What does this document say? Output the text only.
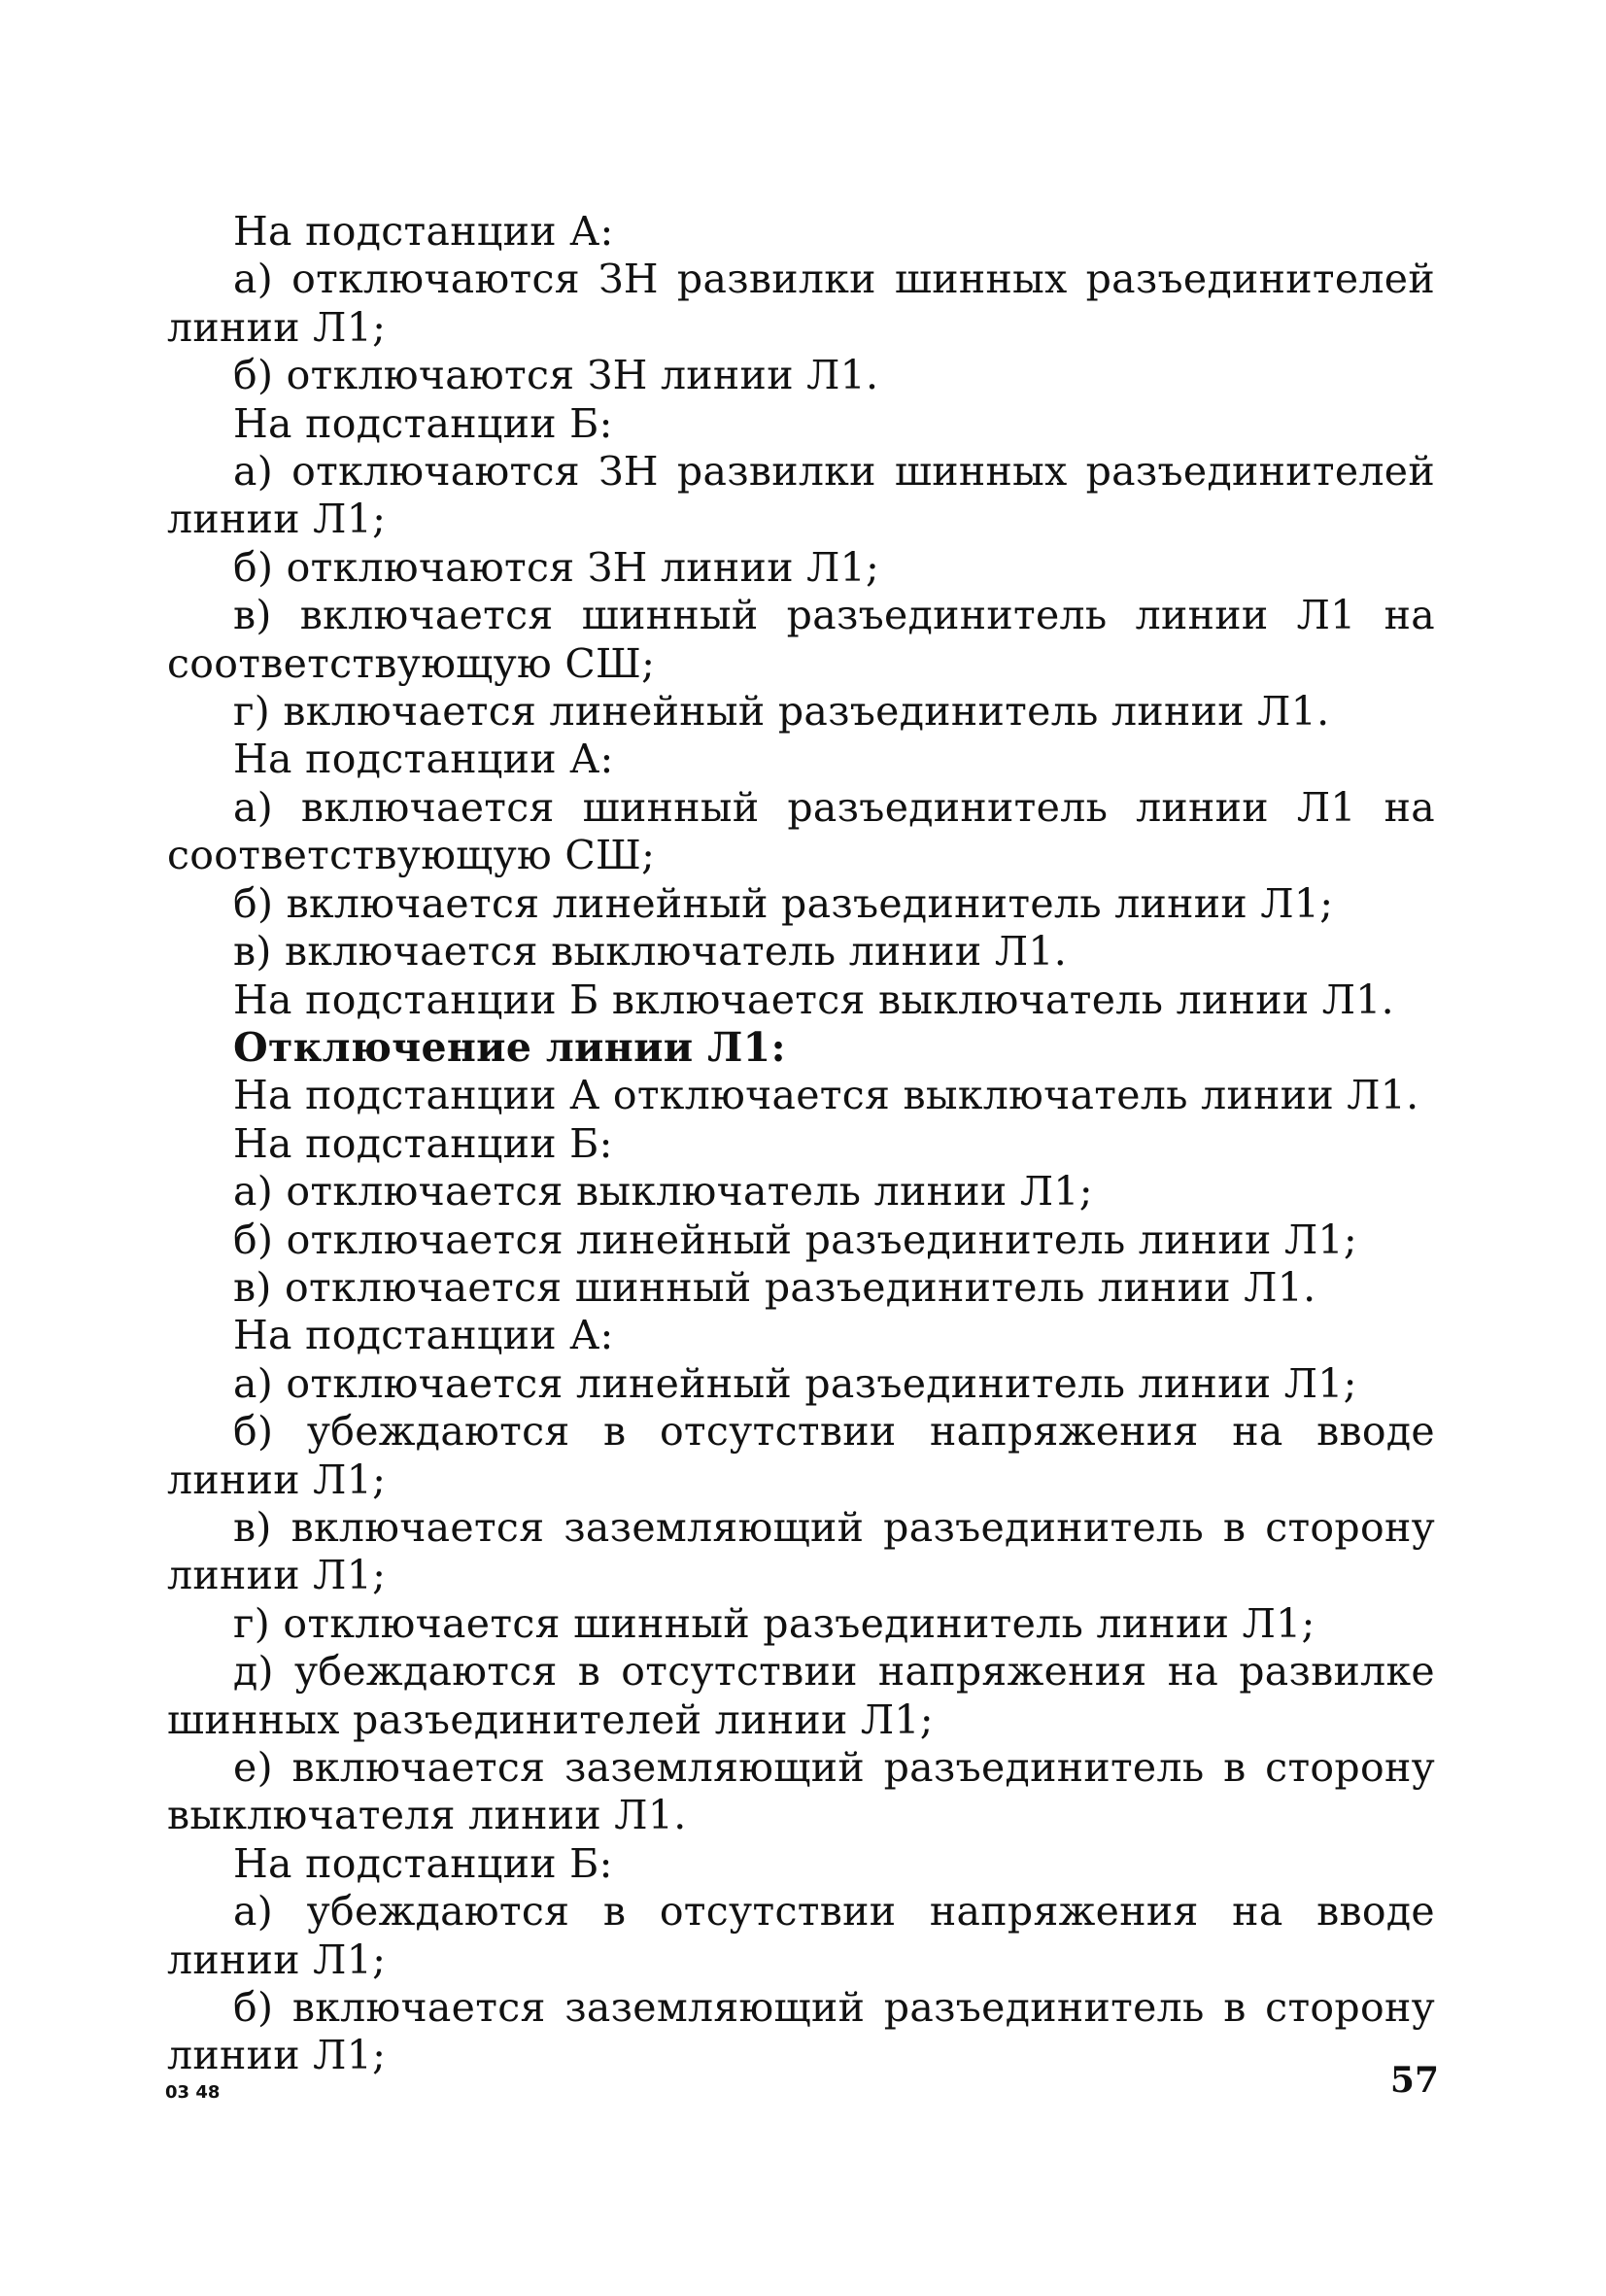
На подстанции А:

а) отключаются ЗН развилки шинных разъединителей линии Л1;

б) отключаются ЗН линии Л1.

На подстанции Б:

а) отключаются ЗН развилки шинных разъединителей линии Л1;

б) отключаются ЗН линии Л1;

в) включается шинный разъединитель линии Л1 на соответствующую СШ;

г) включается линейный разъединитель линии Л1.

На подстанции А:

а) включается шинный разъединитель линии Л1 на соответствующую СШ;

б) включается линейный разъединитель линии Л1;

в) включается выключатель линии Л1.

На подстанции Б включается выключатель линии Л1.

Отключение линии Л1:

На подстанции А отключается выключатель линии Л1.

На подстанции Б:

а) отключается выключатель линии Л1;

б) отключается линейный разъединитель линии Л1;

в) отключается шинный разъединитель линии Л1.

На подстанции А:

а) отключается линейный разъединитель линии Л1;

б) убеждаются в отсутствии напряжения на вводе линии Л1;

в) включается заземляющий разъединитель в сторону линии Л1;

г) отключается шинный разъединитель линии Л1;

д) убеждаются в отсутствии напряжения на развилке шинных разъединителей линии Л1;

е) включается заземляющий разъединитель в сторону выключателя линии Л1.

На подстанции Б:

а) убеждаются в отсутствии напряжения на вводе линии Л1;

б) включается заземляющий разъединитель в сторону линии Л1;

03 48	57
